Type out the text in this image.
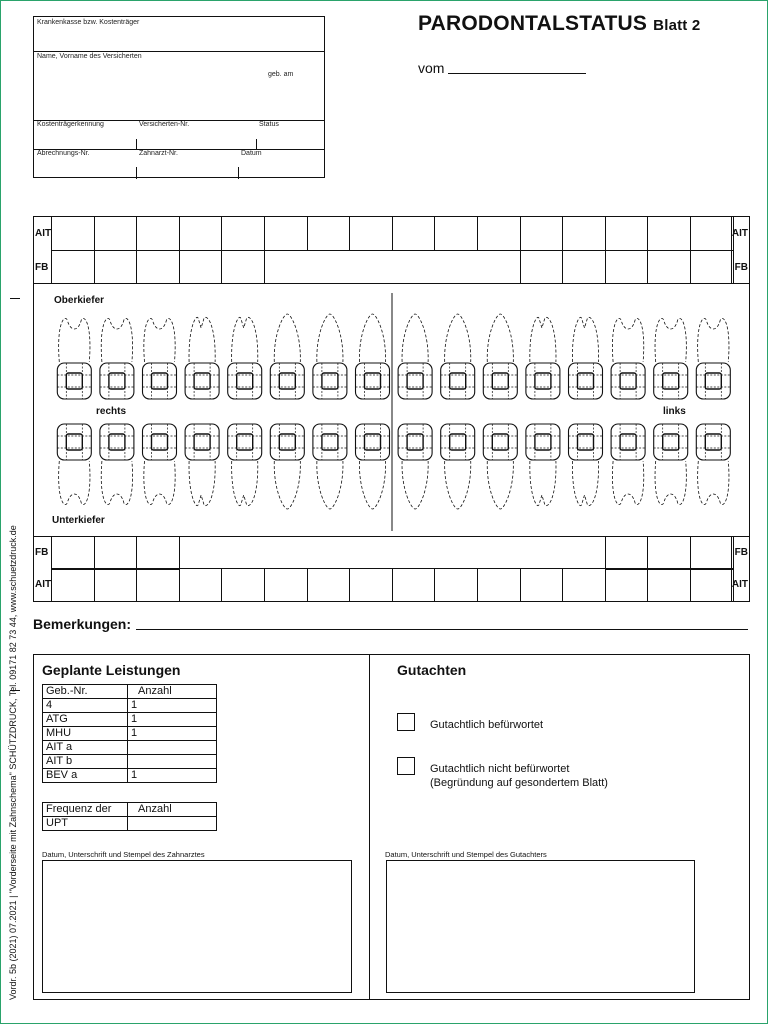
Krankenkasse bzw. Kostenträger
Name, Vorname des Versicherten
geb. am
Kostenträgerkennung	Versicherten-Nr.	Status
Abrechnungs-Nr.	Zahnarzt-Nr.	Datum
PARODONTALSTATUS Blatt 2
vom
AIT	AIT
FB	FB
FB	FB
AIT	AIT
Oberkiefer
Unterkiefer
rechts	links
Bemerkungen:
Geplante Leistungen
Geb.-Nr.	Anzahl
4	1
ATG	1
MHU	1
AIT a	
AIT b	
BEV a	1
Frequenz der	Anzahl
UPT	
Datum, Unterschrift und Stempel des Zahnarztes
Gutachten
Gutachtlich befürwortet
Gutachtlich nicht befürwortet
(Begründung auf gesondertem Blatt)
Datum, Unterschrift und Stempel des Gutachters
Vordr. 5b (2021) 07.2021 | "Vorderseite mit Zahnschema" SCHÜTZDRUCK, Tel. 09171 82 73 44, www.schuetzdruck.de
